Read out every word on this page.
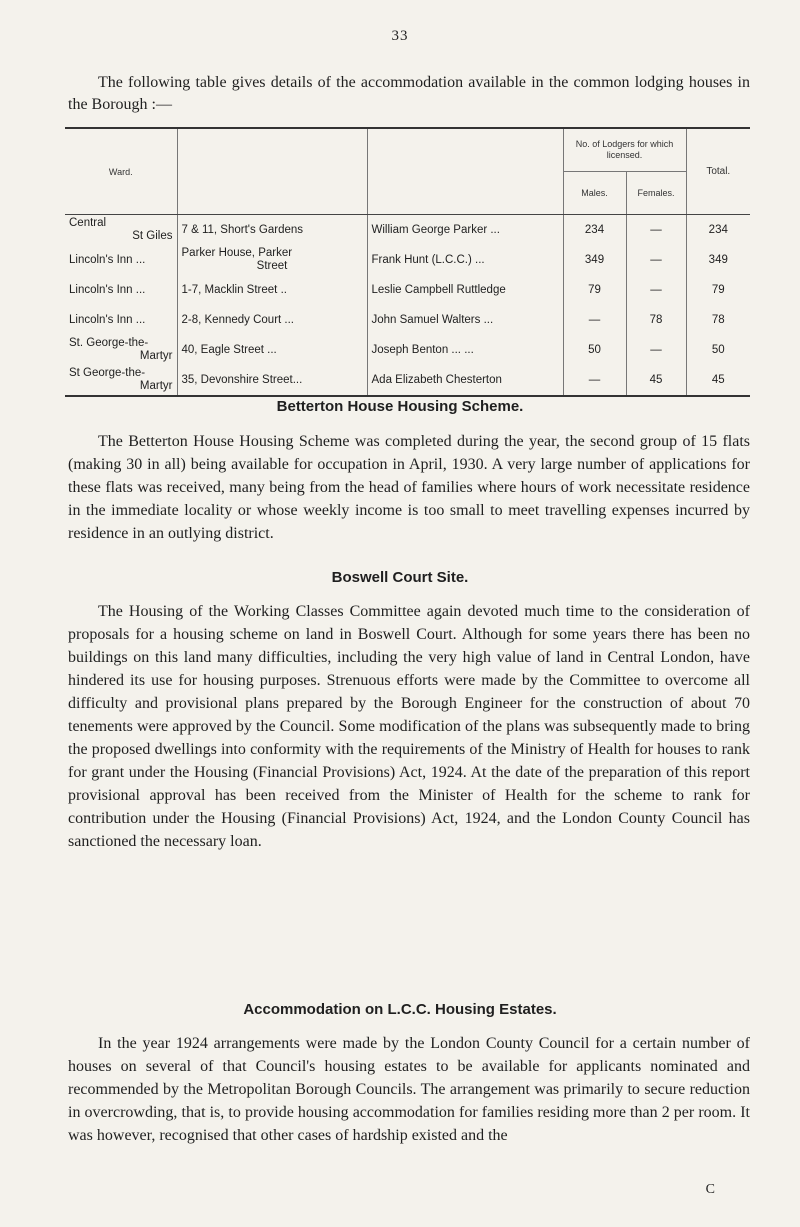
33

The following table gives details of the accommodation available in the common lodging houses in the Borough :—

Ward.			No. of Lodgers for which licensed.		Total.
			Males.	Females.	

Central
St Giles	7 & 11, Short's Gardens	William George Parker ...	234	—	234
Lincoln's Inn ...	Parker House, Parker
Street	Frank Hunt (L.C.C.) ...	349	—	349
Lincoln's Inn ...	1-7, Macklin Street ..	Leslie Campbell Ruttledge	79	—	79
Lincoln's Inn ...	2-8, Kennedy Court ...	John Samuel Walters ...	—	78	78

St. George-the-
Martyr	40, Eagle Street ...	Joseph Benton ... ...	50	—	50

St George-the-
Martyr	35, Devonshire Street...	Ada Elizabeth Chesterton	—	45	45
Betterton House Housing Scheme.

The Betterton House Housing Scheme was completed during the year, the second group of 15 flats (making 30 in all) being available for occupation in April, 1930. A very large number of applications for these flats was received, many being from the head of families where hours of work necessitate residence in the immediate locality or whose weekly income is too small to meet travelling expenses incurred by residence in an outlying district.

Boswell Court Site.

The Housing of the Working Classes Committee again devoted much time to the consideration of proposals for a housing scheme on land in Boswell Court. Although for some years there has been no buildings on this land many difficulties, including the very high value of land in Central London, have hindered its use for housing purposes. Strenuous efforts were made by the Committee to overcome all difficulty and provisional plans prepared by the Borough Engineer for the construction of about 70 tenements were approved by the Council. Some modification of the plans was subsequently made to bring the proposed dwellings into conformity with the requirements of the Ministry of Health for houses to rank for grant under the Housing (Financial Provisions) Act, 1924. At the date of the preparation of this report provisional approval has been received from the Minister of Health for the scheme to rank for contribution under the Housing (Financial Provisions) Act, 1924, and the London County Council has sanctioned the necessary loan.

Accommodation on L.C.C. Housing Estates.

In the year 1924 arrangements were made by the London County Council for a certain number of houses on several of that Council's housing estates to be available for applicants nominated and recommended by the Metropolitan Borough Councils. The arrangement was primarily to secure reduction in overcrowding, that is, to provide housing accommodation for families residing more than 2 per room. It was however, recognised that other cases of hardship existed and the

C
